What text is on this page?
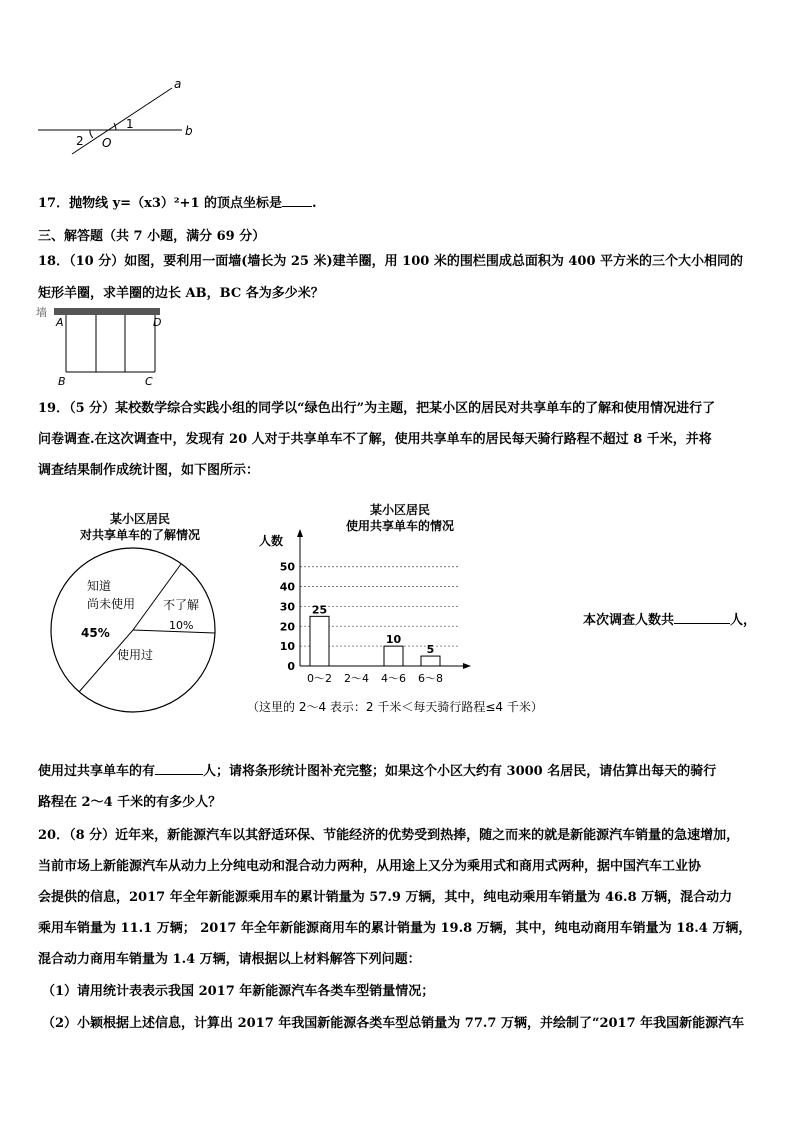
a
b
O
1
2
17．抛物线 y=（x3）²+1 的顶点坐标是 .
三、解答题（共 7 小题，满分 69 分）
18．（10 分）如图，要利用一面墙(墙长为 25 米)建羊圈，用 100 米的围栏围成总面积为 400 平方米的三个大小相同的
矩形羊圈，求羊圈的边长 AB，BC 各为多少米？
墙
A	D
B	C
19．（5 分）某校数学综合实践小组的同学以“绿色出行”为主题，把某小区的居民对共享单车的了解和使用情况进行了
问卷调查.在这次调查中，发现有 20 人对于共享单车不了解，使用共享单车的居民每天骑行路程不超过 8 千米，并将
调查结果制作成统计图，如下图所示：
某小区居民
对共享单车的了解情况
知道
尚未使用
45%
不了解
10%
使用过
某小区居民
使用共享单车的情况
人数
0
10
20
30
40
50
25
10
5
0～2 2～4 4～6 6～8
（这里的 2～4 表示：2 千米＜每天骑行路程≤4 千米）
本次调查人数共	人，
使用过共享单车的有	人；请将条形统计图补充完整；如果这个小区大约有 3000 名居民，请估算出每天的骑行
路程在 2～4 千米的有多少人？
20．（8 分）近年来，新能源汽车以其舒适环保、节能经济的优势受到热捧，随之而来的就是新能源汽车销量的急速增加，
当前市场上新能源汽车从动力上分纯电动和混合动力两种，从用途上又分为乘用式和商用式两种，据中国汽车工业协
会提供的信息，2017 年全年新能源乘用车的累计销量为 57.9 万辆，其中，纯电动乘用车销量为 46.8 万辆，混合动力
乘用车销量为 11.1 万辆； 2017 年全年新能源商用车的累计销量为 19.8 万辆，其中，纯电动商用车销量为 18.4 万辆，
混合动力商用车销量为 1.4 万辆，请根据以上材料解答下列问题：
（1）请用统计表表示我国 2017 年新能源汽车各类车型销量情况；
（2）小颖根据上述信息，计算出 2017 年我国新能源各类车型总销量为 77.7 万辆，并绘制了“2017 年我国新能源汽车
